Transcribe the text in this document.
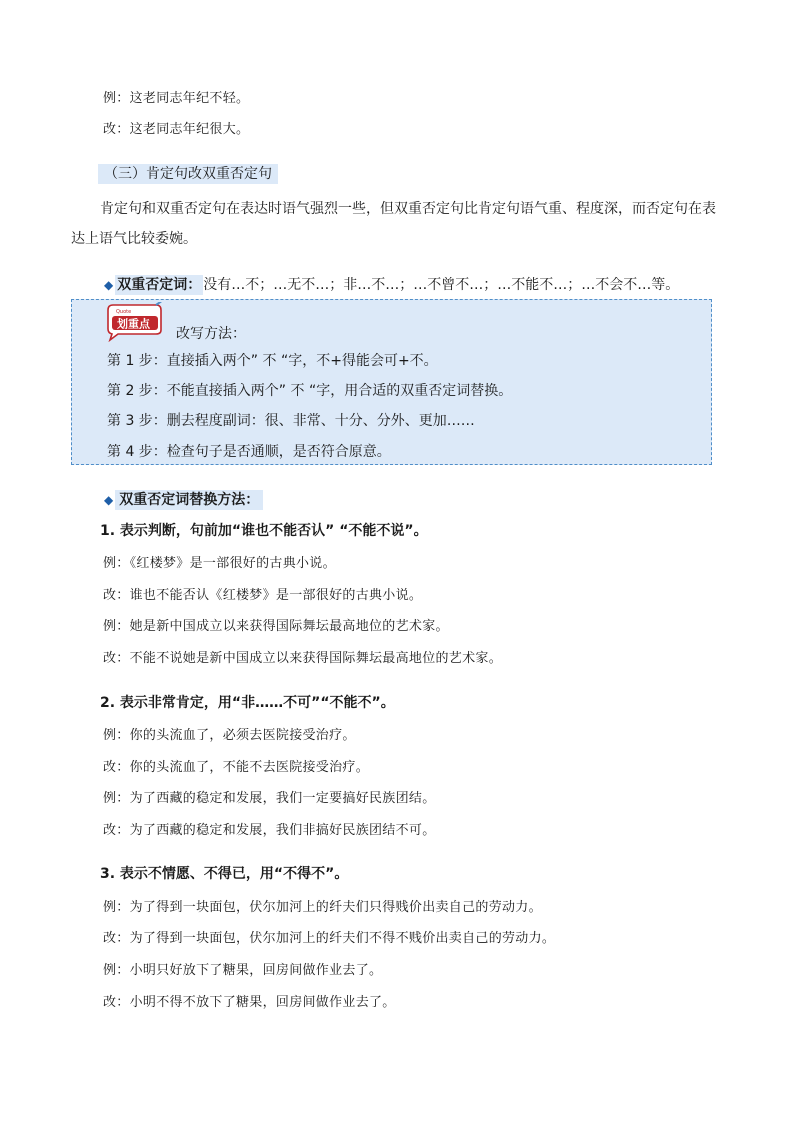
例：这老同志年纪不轻。
改：这老同志年纪很大。
（三）肯定句改双重否定句
肯定句和双重否定句在表达时语气强烈一些，但双重否定句比肯定句语气重、程度深，而否定句在表
达上语气比较委婉。
◆ 双重否定词： 没有…不；…无不…；非…不…；…不曾不…；…不能不…；…不会不…等。
Quote
划重点
改写方法：
第 1 步：直接插入两个” 不 “字，不+得能会可+不。
第 2 步：不能直接插入两个” 不 “字，用合适的双重否定词替换。
第 3 步：删去程度副词：很、非常、十分、分外、更加……
第 4 步：检查句子是否通顺，是否符合原意。
◆ 双重否定词替换方法：
1. 表示判断，句前加“谁也不能否认” “不能不说”。
例：《红楼梦》是一部很好的古典小说。
改：谁也不能否认《红楼梦》是一部很好的古典小说。
例：她是新中国成立以来获得国际舞坛最高地位的艺术家。
改：不能不说她是新中国成立以来获得国际舞坛最高地位的艺术家。
2. 表示非常肯定，用“非……不可”“不能不”。
例：你的头流血了，必须去医院接受治疗。
改：你的头流血了，不能不去医院接受治疗。
例：为了西藏的稳定和发展，我们一定要搞好民族团结。
改：为了西藏的稳定和发展，我们非搞好民族团结不可。
3. 表示不情愿、不得已，用“不得不”。
例：为了得到一块面包，伏尔加河上的纤夫们只得贱价出卖自己的劳动力。
改：为了得到一块面包，伏尔加河上的纤夫们不得不贱价出卖自己的劳动力。
例：小明只好放下了糖果，回房间做作业去了。
改：小明不得不放下了糖果，回房间做作业去了。
